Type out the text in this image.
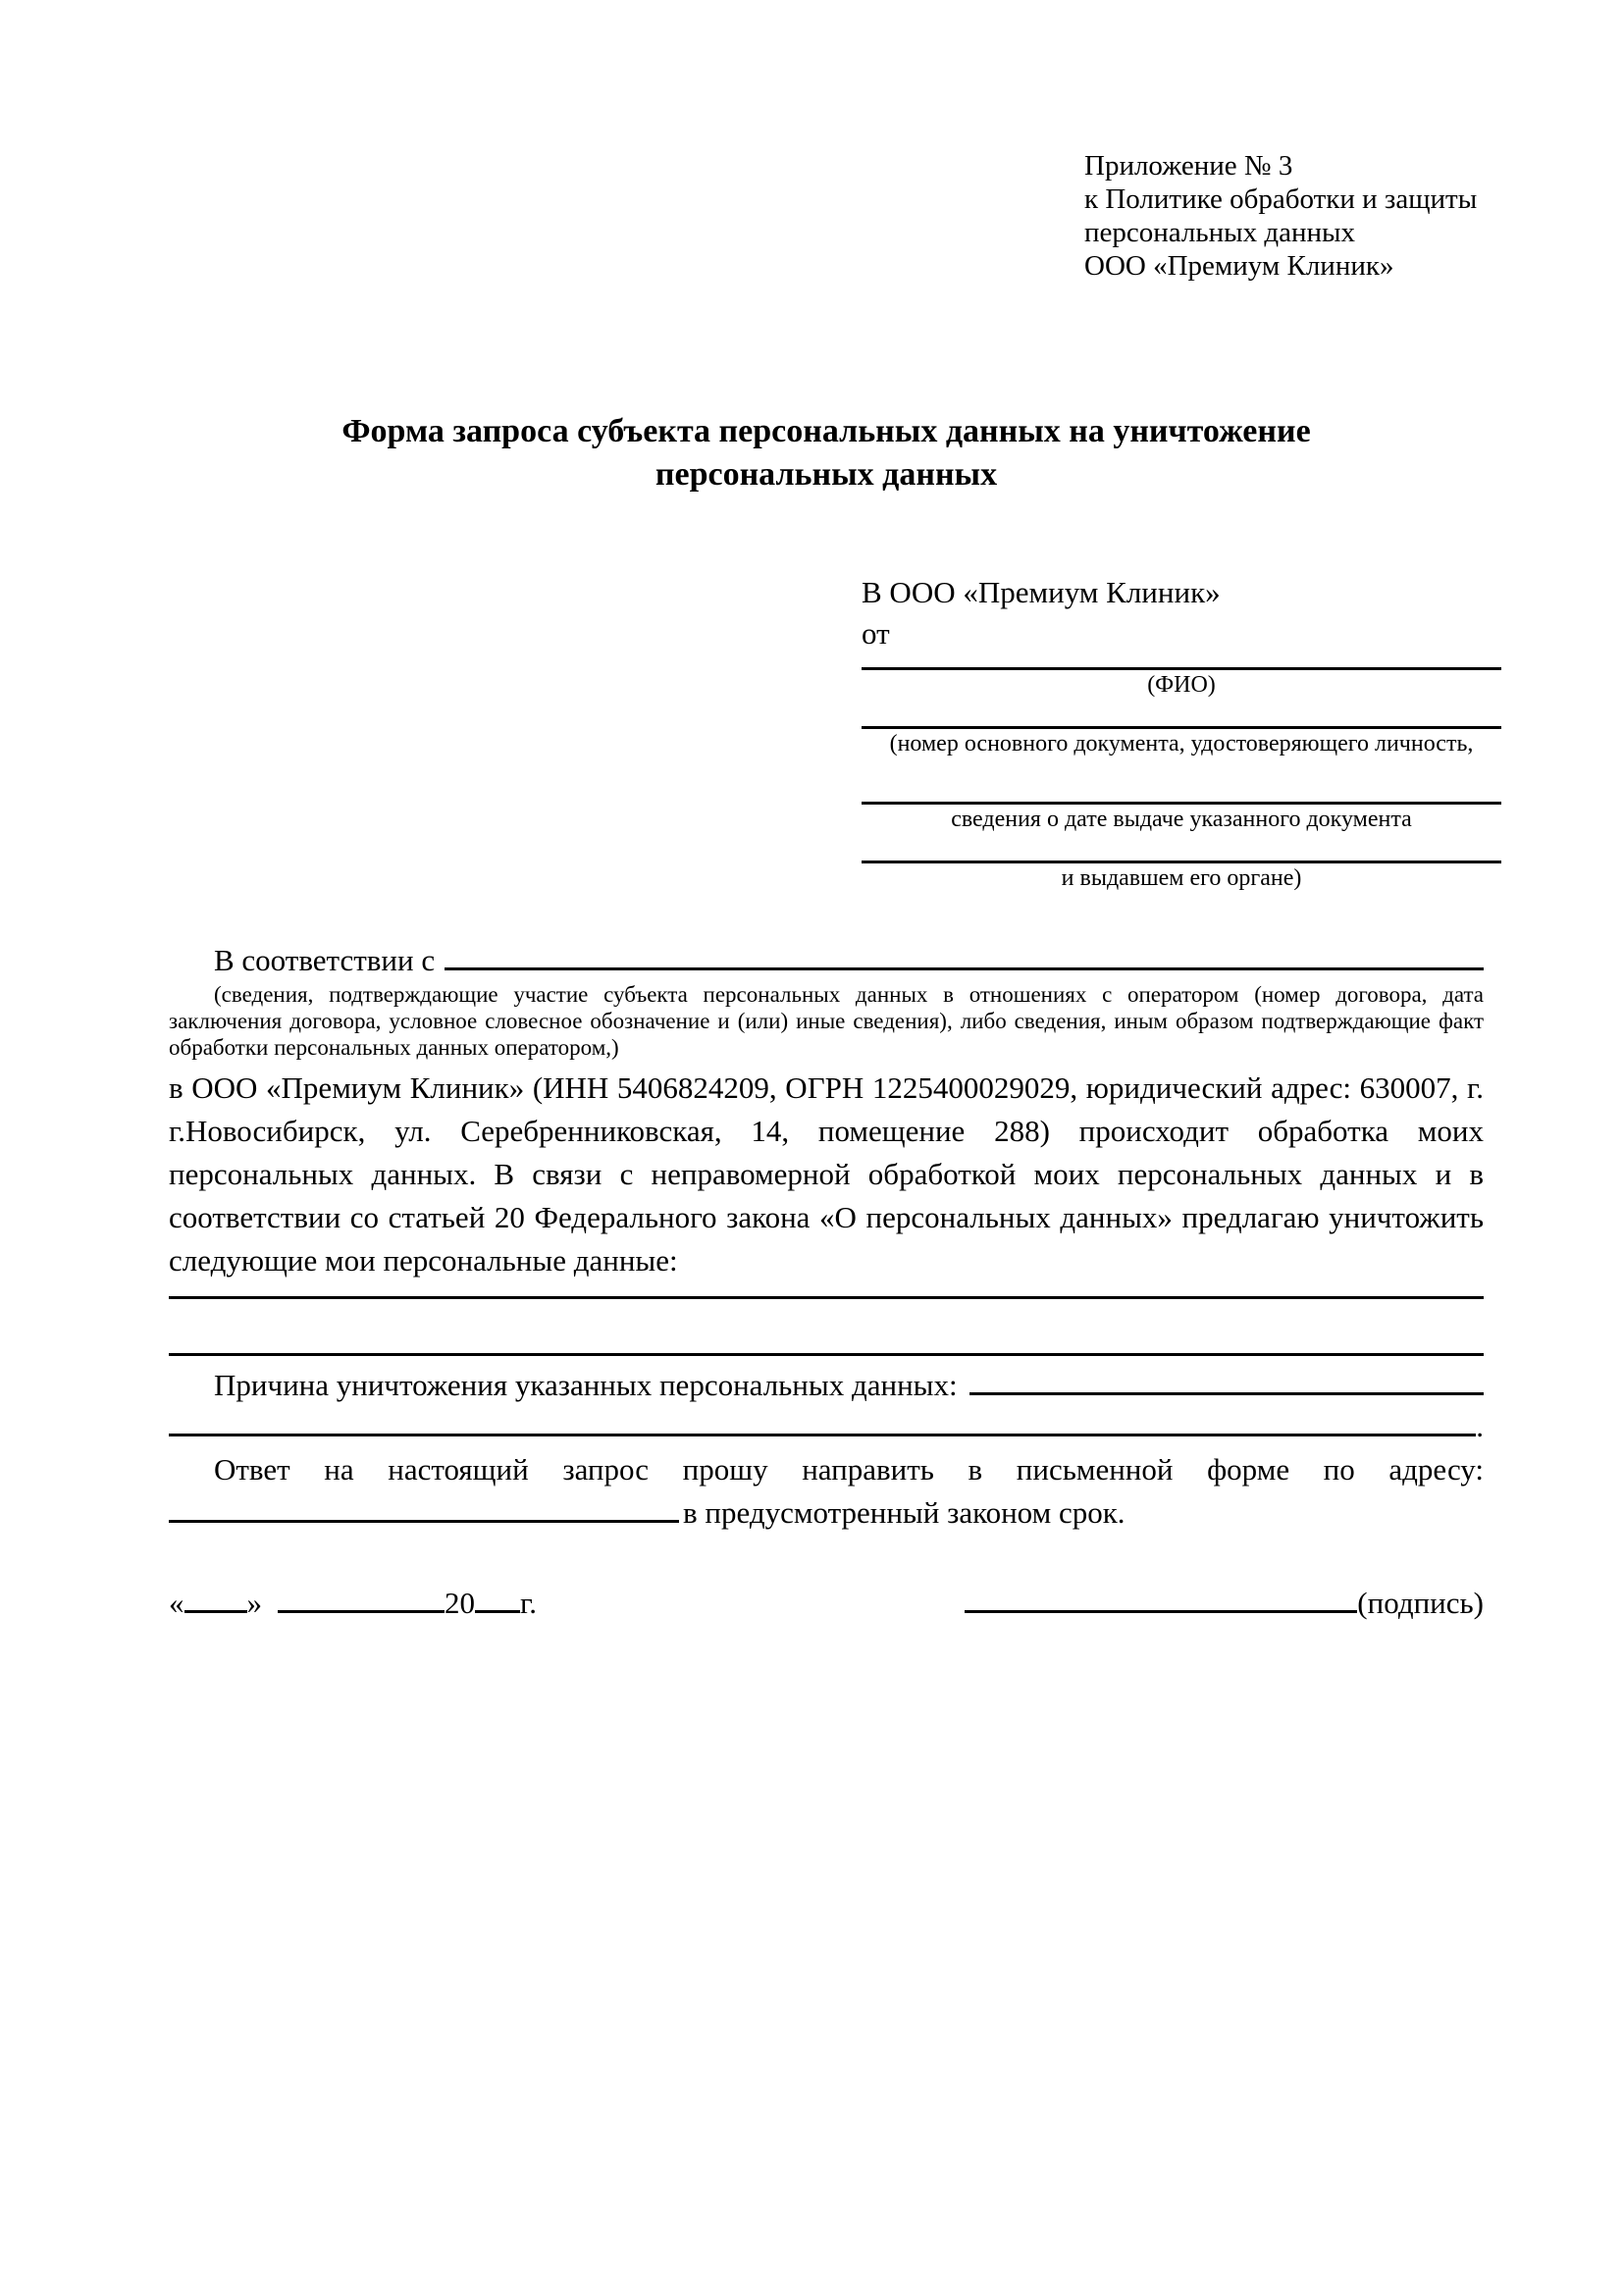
Приложение № 3
к Политике обработки и защиты
персональных данных
ООО «Премиум Клиник»
Форма запроса субъекта персональных данных на уничтожение
персональных данных
В ООО «Премиум Клиник»
от
(ФИО)
(номер основного документа, удостоверяющего личность,
сведения о дате выдаче указанного документа
и выдавшем его органе)
В соответствии с

(сведения, подтверждающие участие субъекта персональных данных в отношениях с оператором (номер договора, дата заключения договора, условное словесное обозначение и (или) иные сведения), либо сведения, иным образом подтверждающие факт обработки персональных данных оператором,)

в ООО «Премиум Клиник» (ИНН 5406824209, ОГРН 1225400029029, юридический адрес: 630007, г. г.Новосибирск, ул. Серебренниковская, 14, помещение 288) происходит обработка моих персональных данных. В связи с неправомерной обработкой моих персональных данных и в соответствии со статьей 20 Федерального закона «О персональных данных» предлагаю уничтожить следующие мои персональные данные:

Причина уничтожения указанных персональных данных:
.

Ответ на настоящий запрос прошу направить в письменной форме по адресу:

в предусмотренный законом срок.
« »	20 г.	(подпись)
